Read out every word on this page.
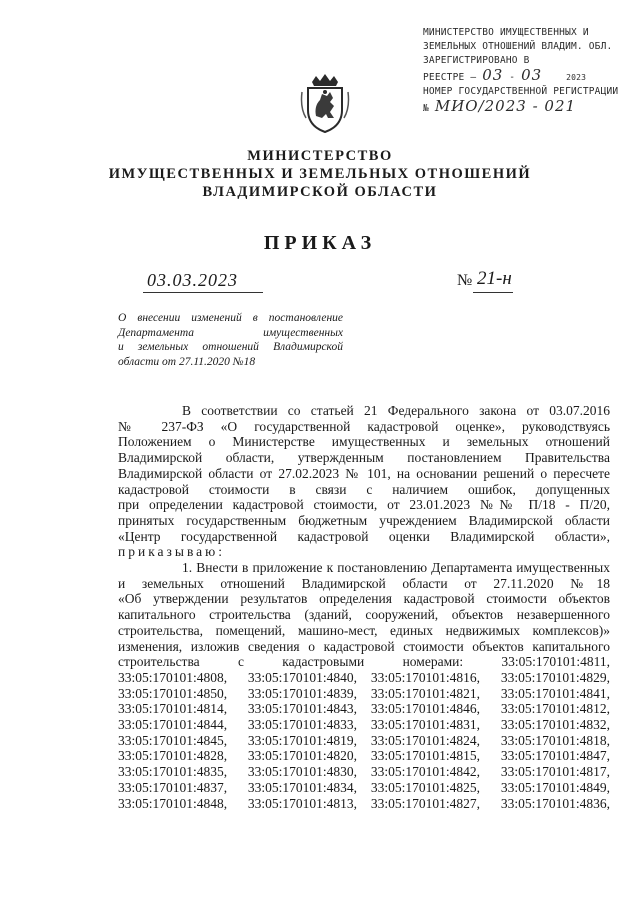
МИНИСТЕРСТВО ИМУЩЕСТВЕННЫХ И
ЗЕМЕЛЬНЫХ ОТНОШЕНИЙ ВЛАДИМ. ОБЛ.
ЗАРЕГИСТРИРОВАНО В
РЕЕСТРЕ – 03 - 03	2023
НОМЕР ГОСУДАРСТВЕННОЙ РЕГИСТРАЦИИ
№ МИО/2023 - 021
МИНИСТЕРСТВО
ИМУЩЕСТВЕННЫХ И ЗЕМЕЛЬНЫХ ОТНОШЕНИЙ
ВЛАДИМИРСКОЙ ОБЛАСТИ
ПРИКАЗ
03.03.2023	№ 21-н
О внесении изменений в постановление
Департамента	имущественных
и земельных отношений Владимирской
области от 27.11.2020 №18
В соответствии со статьей 21 Федерального закона от 03.07.2016
№ 237-ФЗ «О государственной кадастровой оценке», руководствуясь
Положением о Министерстве имущественных и земельных отношений
Владимирской области, утвержденным постановлением Правительства
Владимирской области от 27.02.2023 № 101, на основании решений о пересчете
кадастровой стоимости в связи с наличием ошибок, допущенных
при определении кадастровой стоимости, от 23.01.2023 №№ П/18 - П/20,
принятых государственным бюджетным учреждением Владимирской области
«Центр государственной кадастровой оценки Владимирской области»,
приказываю:
1. Внести в приложение к постановлению Департамента имущественных
и земельных отношений Владимирской области от 27.11.2020 №18
«Об утверждении результатов определения кадастровой стоимости объектов
капитального строительства (зданий, сооружений, объектов незавершенного
строительства, помещений, машино-мест, единых недвижимых комплексов)»
изменения, изложив сведения о кадастровой стоимости объектов капитального
строительства	с	кадастровыми	номерами:	33:05:170101:4811,
33:05:170101:4808,	33:05:170101:4840,	33:05:170101:4816,	33:05:170101:4829,
33:05:170101:4850,	33:05:170101:4839,	33:05:170101:4821,	33:05:170101:4841,
33:05:170101:4814,	33:05:170101:4843,	33:05:170101:4846,	33:05:170101:4812,
33:05:170101:4844,	33:05:170101:4833,	33:05:170101:4831,	33:05:170101:4832,
33:05:170101:4845,	33:05:170101:4819,	33:05:170101:4824,	33:05:170101:4818,
33:05:170101:4828,	33:05:170101:4820,	33:05:170101:4815,	33:05:170101:4847,
33:05:170101:4835,	33:05:170101:4830,	33:05:170101:4842,	33:05:170101:4817,
33:05:170101:4837,	33:05:170101:4834,	33:05:170101:4825,	33:05:170101:4849,
33:05:170101:4848,	33:05:170101:4813,	33:05:170101:4827,	33:05:170101:4836,
